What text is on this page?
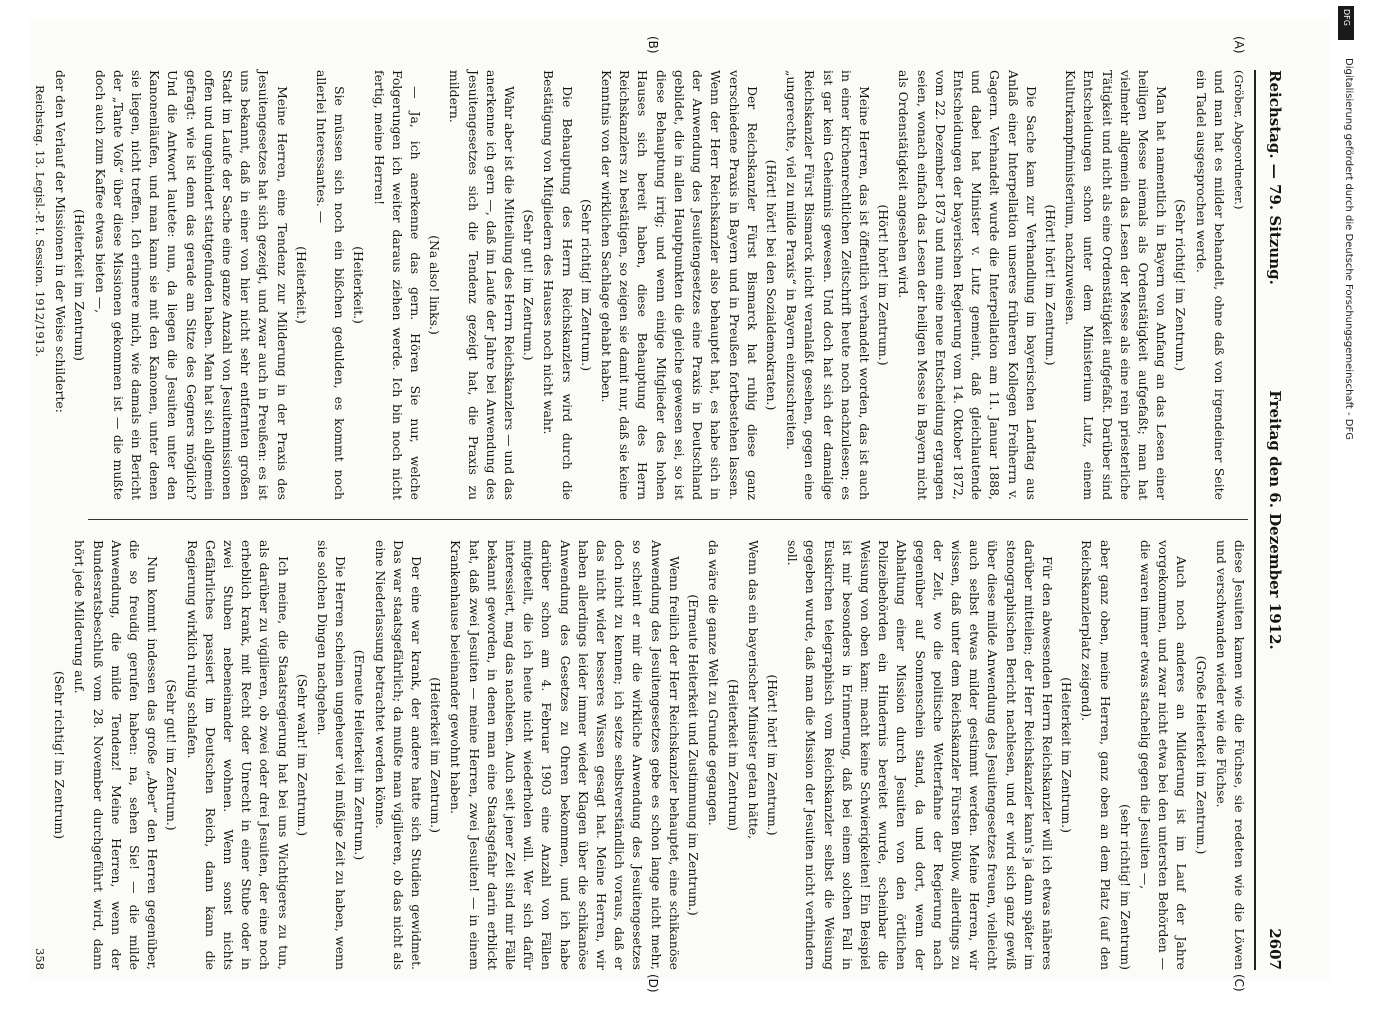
Reichstag. — 79. Sitzung.
Freitag den 6. Dezember 1912.
2607

(Gröber, Abgeordneter.)

und man hat es milder behandelt, ohne daß von irgendeiner Seite ein Tadel ausgesprochen werde.

(Sehr richtig! im Zentrum.)

Man hat namentlich in Bayern von Anfang an das Lesen einer heiligen Messe niemals als Ordenstätigkeit aufgefaßt; man hat vielmehr allgemein das Lesen der Messe als eine rein priesterliche Tätigkeit und nicht als eine Ordenstätigkeit aufgefaßt. Darüber sind Entscheidungen schon unter dem Ministerium Lutz, einem Kulturkampfministerium, nachzuweisen.

(Hört! hört! im Zentrum.)

Die Sache kam zur Verhandlung im bayerischen Landtag aus Anlaß einer Interpellation unseres früheren Kollegen Freiherrn v. Gagern. Verhandelt wurde die Interpellation am 11. Januar 1888, und dabei hat Minister v. Lutz gemeint, daß gleichlautende Entscheidungen der bayerischen Regierung vom 14. Oktober 1872, vom 22. Dezember 1873 und nun eine neue Entscheidung ergangen seien, wonach einfach das Lesen der heiligen Messe in Bayern nicht als Ordenstätigkeit angesehen wird.

(Hört! hört! im Zentrum.)

Meine Herren, das ist öffentlich verhandelt worden, das ist auch in einer kirchenrechtlichen Zeitschrift heute noch nachzulesen; es ist gar kein Geheimnis gewesen. Und doch hat sich der damalige Reichskanzler Fürst Bismarck nicht veranlaßt gesehen, gegen eine „ungerechte, viel zu milde Praxis“ in Bayern einzuschreiten.

(Hört! hört! bei den Sozialdemokraten.)

Der Reichskanzler Fürst Bismarck hat ruhig diese ganz verschiedene Praxis in Bayern und in Preußen fortbestehen lassen. Wenn der Herr Reichskanzler also behauptet hat, es habe sich in der Anwendung des Jesuitengesetzes eine Praxis in Deutschland gebildet, die in allen Hauptpunkten die gleiche gewesen sei, so ist diese Behauptung irrig; und wenn einige Mitglieder des hohen Hauses sich bereit haben, diese Behauptung des Herrn Reichskanzlers zu bestätigen, so zeigen sie damit nur, daß sie keine Kenntnis von der wirklichen Sachlage gehabt haben.

(Sehr richtig! im Zentrum.)

Die Behauptung des Herrn Reichskanzlers wird durch die Bestätigung von Mitgliedern des Hauses noch nicht wahr.

(Sehr gut! im Zentrum.)

Wahr aber ist die Mitteilung des Herrn Reichskanzlers — und das anerkenne ich gern —, daß im Laufe der Jahre bei Anwendung des Jesuitengesetzes sich die Tendenz gezeigt hat, die Praxis zu mildern.

(Na also! links.)

— Ja, ich anerkenne das gern. Hören Sie nur, welche Folgerungen ich weiter daraus ziehen werde. Ich bin noch nicht fertig, meine Herren!

(Heiterkeit.)

Sie müssen sich noch ein bißchen gedulden, es kommt noch allerlei Interessantes. —

(Heiterkeit.)

Meine Herren, eine Tendenz zur Milderung in der Praxis des Jesuitengesetzes hat sich gezeigt, und zwar auch in Preußen: es ist uns bekannt, daß in einer von hier nicht sehr entfernten großen Stadt im Laufe der Sache eine ganze Anzahl von Jesuitenmissionen offen und ungehindert stattgefunden haben. Man hat sich allgemein gefragt: wie ist denn das gerade am Sitze des Gegners möglich? Und die Antwort lautete: nun, da liegen die Jesuiten unter den Kanonenläufen, und man kann sie mit den Kanonen, unter denen sie liegen, nicht treffen. Ich erinnere mich, wie damals ein Bericht der „Tante Voß“ über diese Missionen gekommen ist — die mußte doch auch zum Kaffee etwas bieten —,

(Heiterkeit im Zentrum)

der den Verlauf der Missionen in der Weise schilderte:

Reichstag. 13. Legisl.-P. I. Session. 1912/1913.

diese Jesuiten kamen wie die Füchse, sie redeten wie die Löwen und verschwanden wieder wie die Füchse.

(Große Heiterkeit im Zentrum.)

Auch noch anderes an Milderung ist im Lauf der Jahre vorgekommen, und zwar nicht etwa bei den untersten Behörden — die waren immer etwas stachelig gegen die Jesuiten —,

(sehr richtig! im Zentrum)

aber ganz oben, meine Herren, ganz oben an dem Platz (auf den Reichskanzlerplatz zeigend).

(Heiterkeit im Zentrum.)

Für den abwesenden Herrn Reichskanzler will ich etwas näheres darüber mitteilen; der Herr Reichskanzler kann's ja dann später im stenographischen Bericht nachlesen, und er wird sich ganz gewiß über diese milde Anwendung des Jesuitengesetzes freuen, vielleicht auch selbst etwas milder gestimmt werden. Meine Herren, wir wissen, daß unter dem Reichskanzler Fürsten Bülow, allerdings zu der Zeit, wo die politische Wetterfahne der Regierung nach gegenüber auf Sonnenschein stand, da und dort, wenn der Abhaltung einer Mission durch Jesuiten von den örtlichen Polizeibehörden ein Hindernis bereitet wurde, scheinbar die Weisung von oben kam: macht keine Schwierigkeiten! Ein Beispiel ist mir besonders in Erinnerung, daß bei einem solchen Fall in Euskirchen telegraphisch vom Reichskanzler selbst die Weisung gegeben wurde, daß man die Mission der Jesuiten nicht verhindern soll.

(Hört! hört! im Zentrum.)

Wenn das ein bayerischer Minister getan hätte,

(Heiterkeit im Zentrum)

da wäre die ganze Welt zu Grunde gegangen.

(Erneute Heiterkeit und Zustimmung im Zentrum.)

Wenn freilich der Herr Reichskanzler behauptet, eine schikanöse Anwendung des Jesuitengesetzes gebe es schon lange nicht mehr, so scheint er mir die wirkliche Anwendung des Jesuitengesetzes doch nicht zu kennen; ich setze selbstverständlich voraus, daß er das nicht wider besseres Wissen gesagt hat. Meine Herren, wir haben allerdings leider immer wieder Klagen über die schikanöse Anwendung des Gesetzes zu Ohren bekommen, und ich habe darüber schon am 4. Februar 1903 eine Anzahl von Fällen mitgeteilt, die ich heute nicht wiederholen will. Wer sich dafür interessiert, mag das nachlesen. Auch seit jener Zeit sind mir Fälle bekannt geworden, in denen man eine Staatsgefahr darin erblickt hat, daß zwei Jesuiten — meine Herren, zwei Jesuiten! — in einem Krankenhause beieinander gewohnt haben.

(Heiterkeit im Zentrum.)

Der eine war krank, der andere hatte sich Studien gewidmet. Das war staatsgefährlich; da mußte man vigilieren, ob das nicht als eine Niederlassung betrachtet werden könne.

(Erneute Heiterkeit im Zentrum.)

Die Herren scheinen ungeheuer viel müßige Zeit zu haben, wenn sie solchen Dingen nachgehen.

(Sehr wahr! im Zentrum.)

Ich meine, die Staatsregierung hat bei uns Wichtigeres zu tun, als darüber zu vigilieren, ob zwei oder drei Jesuiten, der eine noch erheblich krank, mit Recht oder Unrecht in einer Stube oder in zwei Stuben nebeneinander wohnen. Wenn sonst nichts Gefährliches passiert im Deutschen Reich, dann kann die Regierung wirklich ruhig schlafen.

(Sehr gut! im Zentrum.)

Nun kommt indessen das große „Aber“ den Herren gegenüber, die so freudig gerufen haben: na, sehen Sie! — die milde Anwendung, die milde Tendenz! Meine Herren, wenn der Bundesratsbeschluß vom 28. November durchgeführt wird, dann hört jede Milderung auf.

(Sehr richtig! im Zentrum)

358

(A)
(B)
(C)
(D)
DFG
Digitalisierung gefördert durch die Deutsche Forschungsgemeinschaft - DFG
